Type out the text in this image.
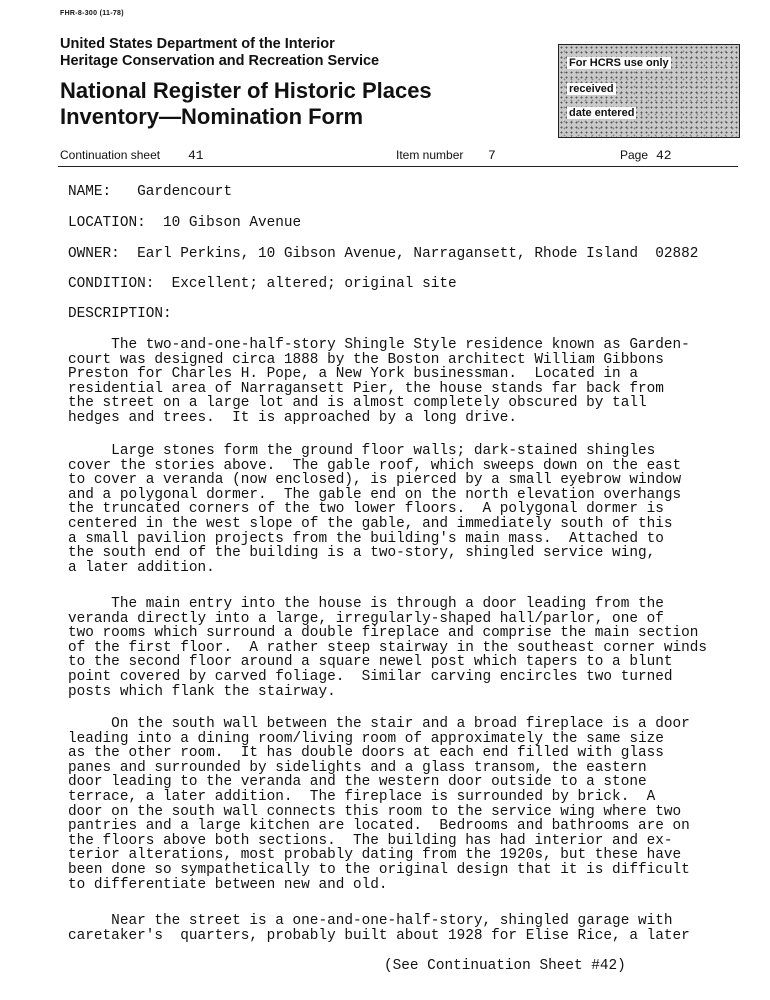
FHR-8-300 (11-78)
United States Department of the Interior
Heritage Conservation and Recreation Service
National Register of Historic Places
Inventory—Nomination Form
For HCRS use only
received
date entered
Continuation sheet 41	Item number 7	Page 42
NAME:   Gardencourt
LOCATION:  10 Gibson Avenue
OWNER:  Earl Perkins, 10 Gibson Avenue, Narragansett, Rhode Island  02882
CONDITION:  Excellent; altered; original site
DESCRIPTION:
The two-and-one-half-story Shingle Style residence known as Garden-
court was designed circa 1888 by the Boston architect William Gibbons
Preston for Charles H. Pope, a New York businessman.  Located in a
residential area of Narragansett Pier, the house stands far back from
the street on a large lot and is almost completely obscured by tall
hedges and trees.  It is approached by a long drive.
Large stones form the ground floor walls; dark-stained shingles
cover the stories above.  The gable roof, which sweeps down on the east
to cover a veranda (now enclosed), is pierced by a small eyebrow window
and a polygonal dormer.  The gable end on the north elevation overhangs
the truncated corners of the two lower floors.  A polygonal dormer is
centered in the west slope of the gable, and immediately south of this
a small pavilion projects from the building's main mass.  Attached to
the south end of the building is a two-story, shingled service wing,
a later addition.
The main entry into the house is through a door leading from the
veranda directly into a large, irregularly-shaped hall/parlor, one of
two rooms which surround a double fireplace and comprise the main section
of the first floor.  A rather steep stairway in the southeast corner winds
to the second floor around a square newel post which tapers to a blunt
point covered by carved foliage.  Similar carving encircles two turned
posts which flank the stairway.
On the south wall between the stair and a broad fireplace is a door
leading into a dining room/living room of approximately the same size
as the other room.  It has double doors at each end filled with glass
panes and surrounded by sidelights and a glass transom, the eastern
door leading to the veranda and the western door outside to a stone
terrace, a later addition.  The fireplace is surrounded by brick.  A
door on the south wall connects this room to the service wing where two
pantries and a large kitchen are located.  Bedrooms and bathrooms are on
the floors above both sections.  The building has had interior and ex-
terior alterations, most probably dating from the 1920s, but these have
been done so sympathetically to the original design that it is difficult
to differentiate between new and old.
Near the street is a one-and-one-half-story, shingled garage with
caretaker's  quarters, probably built about 1928 for Elise Rice, a later
(See Continuation Sheet #42)
